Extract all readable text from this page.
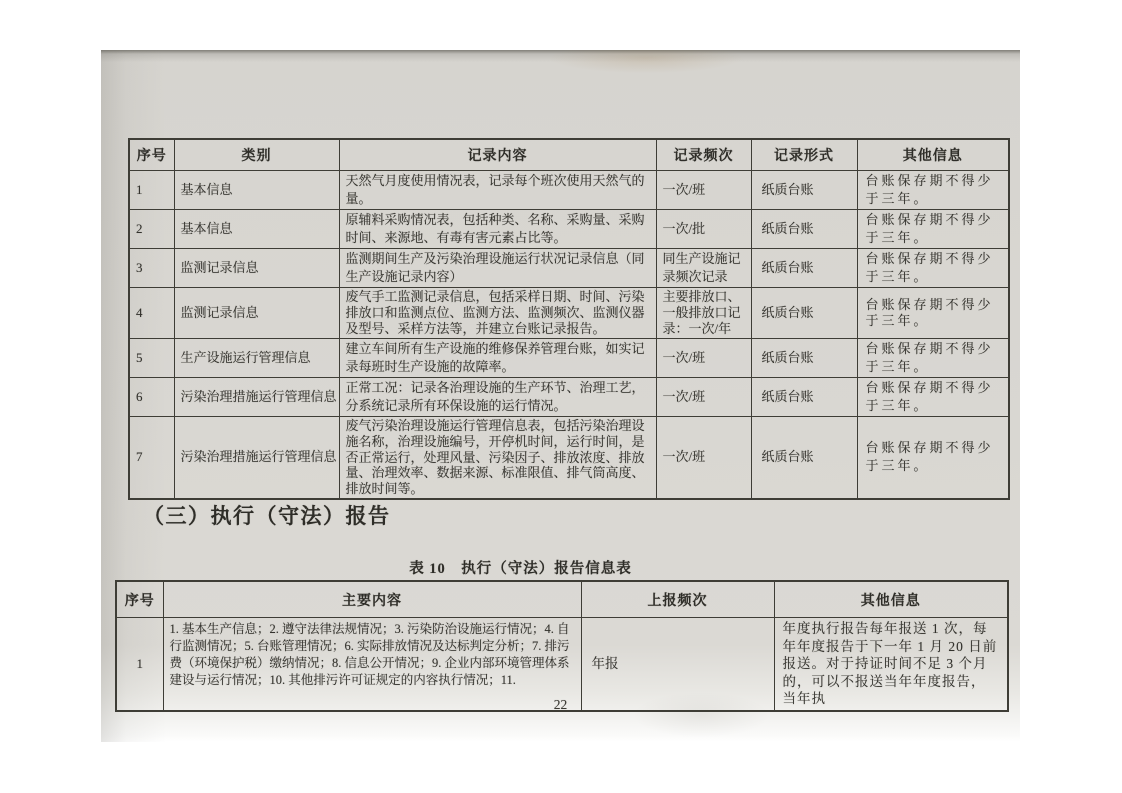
序号	类别	记录内容	记录频次	记录形式	其他信息
1	基本信息	天然气月度使用情况表，记录每个班次使用天然气的量。	一次/班	纸质台账	台账保存期不得少于三年。
2	基本信息	原辅料采购情况表，包括种类、名称、采购量、采购时间、来源地、有毒有害元素占比等。	一次/批	纸质台账	台账保存期不得少于三年。
3	监测记录信息	监测期间生产及污染治理设施运行状况记录信息（同生产设施记录内容）	同生产设施记录频次记录	纸质台账	台账保存期不得少于三年。
4	监测记录信息	废气手工监测记录信息，包括采样日期、时间、污染排放口和监测点位、监测方法、监测频次、监测仪器及型号、采样方法等，并建立台账记录报告。	主要排放口、一般排放口记录：一次/年	纸质台账	台账保存期不得少于三年。
5	生产设施运行管理信息	建立车间所有生产设施的维修保养管理台账，如实记录每班时生产设施的故障率。	一次/班	纸质台账	台账保存期不得少于三年。
6	污染治理措施运行管理信息	正常工况：记录各治理设施的生产环节、治理工艺，分系统记录所有环保设施的运行情况。	一次/班	纸质台账	台账保存期不得少于三年。
7	污染治理措施运行管理信息	废气污染治理设施运行管理信息表，包括污染治理设施名称，治理设施编号，开停机时间，运行时间，是否正常运行，处理风量、污染因子、排放浓度、排放量、治理效率、数据来源、标准限值、排气筒高度、排放时间等。	一次/班	纸质台账	台账保存期不得少于三年。
（三）执行（守法）报告
表 10　执行（守法）报告信息表
序号	主要内容	上报频次	其他信息
1	1. 基本生产信息；2. 遵守法律法规情况；3. 污染防治设施运行情况；4. 自行监测情况；5. 台账管理情况；6. 实际排放情况及达标判定分析；7. 排污费（环境保护税）缴纳情况；8. 信息公开情况；9. 企业内部环境管理体系建设与运行情况；10. 其他排污许可证规定的内容执行情况；11.	年报	年度执行报告每年报送 1 次，每年年度报告于下一年 1 月 20 日前报送。对于持证时间不足 3 个月的，可以不报送当年年度报告，当年执
22
